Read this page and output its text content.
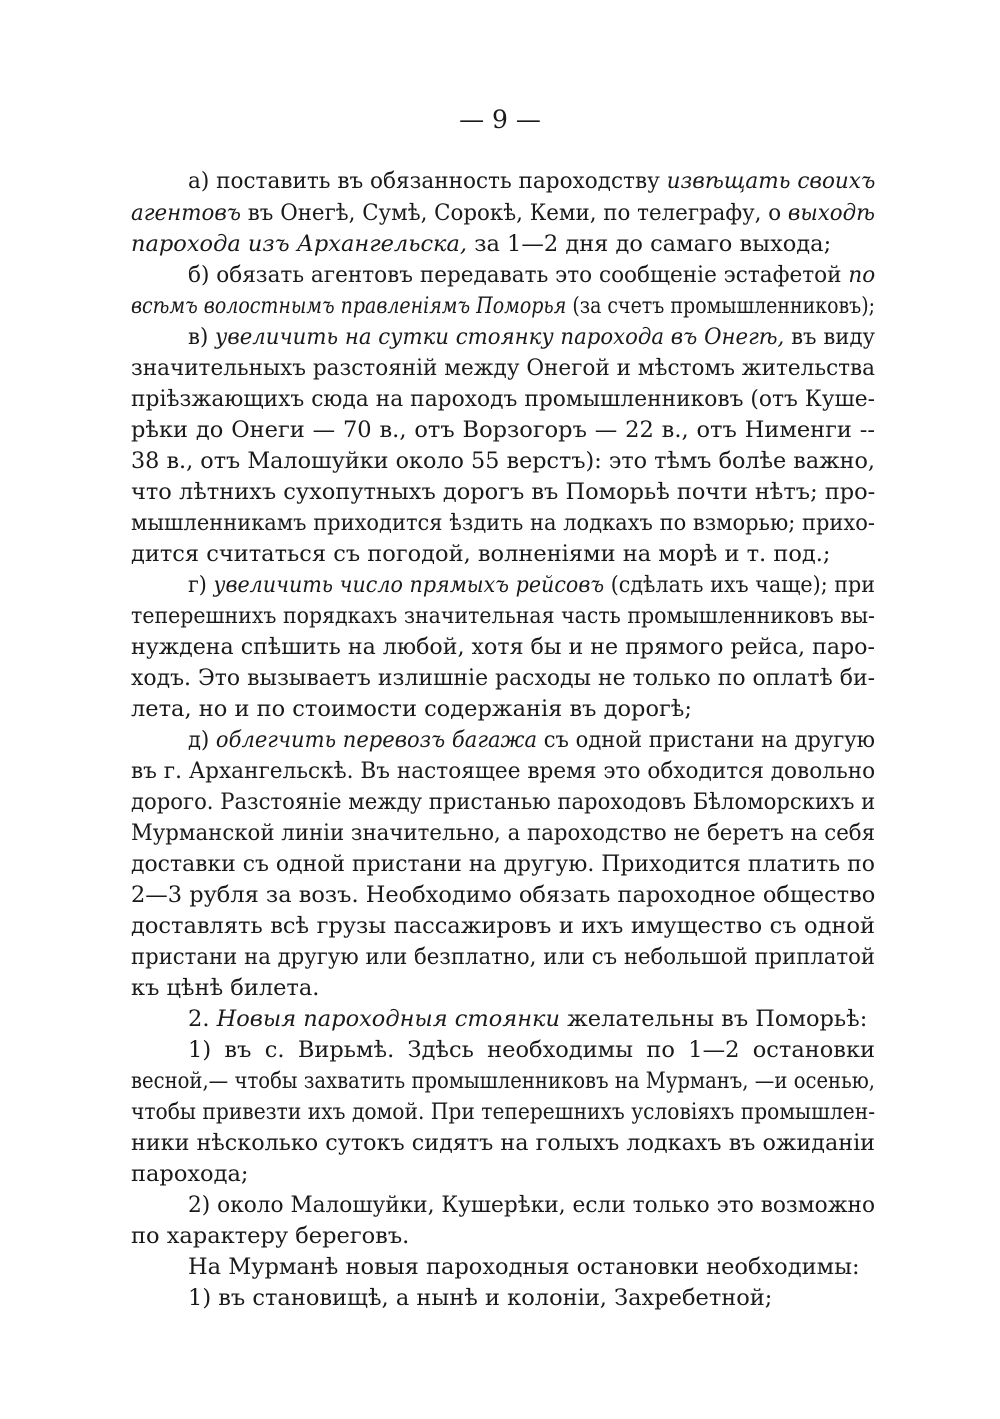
— 9 —
а) поставить въ обязанность пароходству извѣщать своихъ
агентовъ въ Онегѣ, Сумѣ, Сорокѣ, Кеми, по телеграфу, о выходѣ
парохода изъ Архангельска, за 1—2 дня до самаго выхода;
б) обязать агентовъ передавать это сообщенiе эстафетой по
всѣмъ волостнымъ правленiямъ Поморья (за счетъ промышленниковъ);
в) увеличить на сутки стоянку парохода въ Онегѣ, въ виду
значительныхъ разстоянiй между Онегой и мѣстомъ жительства
прiѣзжающихъ сюда на пароходъ промышленниковъ (отъ Куше-
рѣки до Онеги — 70 в., отъ Ворзогоръ — 22 в., отъ Нименги --
38 в., отъ Малошуйки около 55 верстъ): это тѣмъ болѣе важно,
что лѣтнихъ сухопутныхъ дорогъ въ Поморьѣ почти нѣтъ; про-
мышленникамъ приходится ѣздить на лодкахъ по взморью; прихо-
дится считаться съ погодой, волненiями на морѣ и т. под.;
г) увеличить число прямыхъ рейсовъ (сдѣлать ихъ чаще); при
теперешнихъ порядкахъ значительная часть промышленниковъ вы-
нуждена спѣшить на любой, хотя бы и не прямого рейса, паро-
ходъ. Это вызываетъ излишнiе расходы не только по оплатѣ би-
лета, но и по стоимости содержанiя въ дорогѣ;
д) облегчить перевозъ багажа съ одной пристани на другую
въ г. Архангельскѣ. Въ настоящее время это обходится довольно
дорого. Разстоянiе между пристанью пароходовъ Бѣломорскихъ и
Мурманской линiи значительно, а пароходство не беретъ на себя
доставки съ одной пристани на другую. Приходится платить по
2—3 рубля за возъ. Необходимо обязать пароходное общество
доставлять всѣ грузы пассажировъ и ихъ имущество съ одной
пристани на другую или безплатно, или съ небольшой приплатой
къ цѣнѣ билета.
2. Новыя пароходныя стоянки желательны въ Поморьѣ:
1) въ с. Вирьмѣ. Здѣсь необходимы по 1—2 остановки
весной,— чтобы захватить промышленниковъ на Мурманъ, —и осенью,
чтобы привезти ихъ домой. При теперешнихъ условiяхъ промышлен-
ники нѣсколько сутокъ сидятъ на голыхъ лодкахъ въ ожиданiи
парохода;
2) около Малошуйки, Кушерѣки, если только это возможно
по характеру береговъ.
На Мурманѣ новыя пароходныя остановки необходимы:
1) въ становищѣ, а нынѣ и колонiи, Захребетной;
